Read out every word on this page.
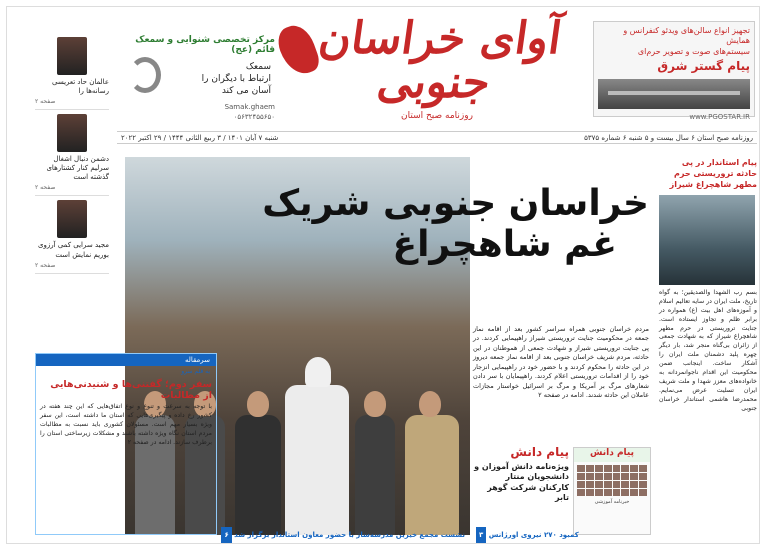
آوای خراسان جنوبی
روزنامه صبح استان
تجهیز انواع سالن‌های ویدئو کنفرانس و همایش
سیستم‌های صوت و تصویر حرم‌ای
پیام گستر شرق
www.PGOSTAR.IR
مرکز تخصصی شنوایی و سمعک قائم (عج)
سمعک
ارتباط با دیگران را
آسان می کند
Samak.ghaem
۰۵۶۳۲۴۵۵۶۵۰
شنبه ۷ آبان ۱۴۰۱ / ۳ ربیع الثانی ۱۴۴۴ / ۲۹ اکتبر ۲۰۲۲	روزنامه صبح استان ۶ سال بیست و ۵ شنبه ۶ شماره ۵۳۷۵
عالمان حاد تعریسی رسانه‌ها را
صفحه ۲
دشمن دنبال اشغال سرلیم کنار کشتارهای گذشته است
صفحه ۲
مجید سرایی کمی آرزوی بوریم نمایش است
صفحه ۲
خراسان جنوبی شریک
غم شاهچراغ
مردم خراسان جنوبی همراه سراسر کشور بعد از اقامه نماز جمعه در محکومیت جنایت تروریستی شیراز راهپیمایی کردند. در پی جنایت تروریستی شیراز و شهادت جمعی از هموطنان در این حادثه، مردم شریف خراسان جنوبی بعد از اقامه نماز جمعه دیروز در این حادثه را محکوم کردند و با حضور خود در راهپیمایی انزجار خود را از اقدامات تروریستی اعلام کردند. راهپیمایان با سر دادن شعارهای مرگ بر آمریکا و مرگ بر اسرائیل خواستار مجازات عاملان این حادثه شدند. ادامه در صفحه ۲
پیام استاندار در پی حادثه تروریستی حرم مطهر شاهچراغ شیراز
بسم رب الشهدا والصدیقین؛ به گواه تاریخ، ملت ایران در سایه تعالیم اسلام و آموزه‌های اهل بیت (ع) همواره در برابر ظلم و تجاوز ایستاده است. جنایت تروریستی در حرم مطهر شاهچراغ شیراز که به شهادت جمعی از زائران بی‌گناه منجر شد، بار دیگر چهره پلید دشمنان ملت ایران را آشکار ساخت. اینجانب ضمن محکومیت این اقدام ناجوانمردانه به خانواده‌های معزز شهدا و ملت شریف ایران تسلیت عرض می‌نمایم. محمدرضا هاشمی استاندار خراسان جنوبی
سرمقاله
به قلم سرو
سفر دوم؛ گفتنی‌ها و شنیدنی‌هایی از مطالبات
با توجه به سرعت و تنوع و نوع اتفاق‌هایی که این چند هفته در کشور رخ داده و پیگیری‌هایی که استان ما داشته است، این سفر ویژه بسیار مهم است. مسئولان کشوری باید نسبت به مطالبات مردم استان نگاه ویژه داشته باشند و مشکلات زیرساختی استان را برطرف سازند. ادامه در صفحه ۲
پیام دانش
ویژه‌نامه دانش آموزان و دانشجویان منتار کارکنان شرکت گوهر تابر
پیام دانش
خبرنامه آموزشی
۶ نشست مجمع خیرین مدرسه‌ساز با حضور معاون استاندار برگزار شد	۳ کمبود ۲۷۰ نیروی اورژانس
